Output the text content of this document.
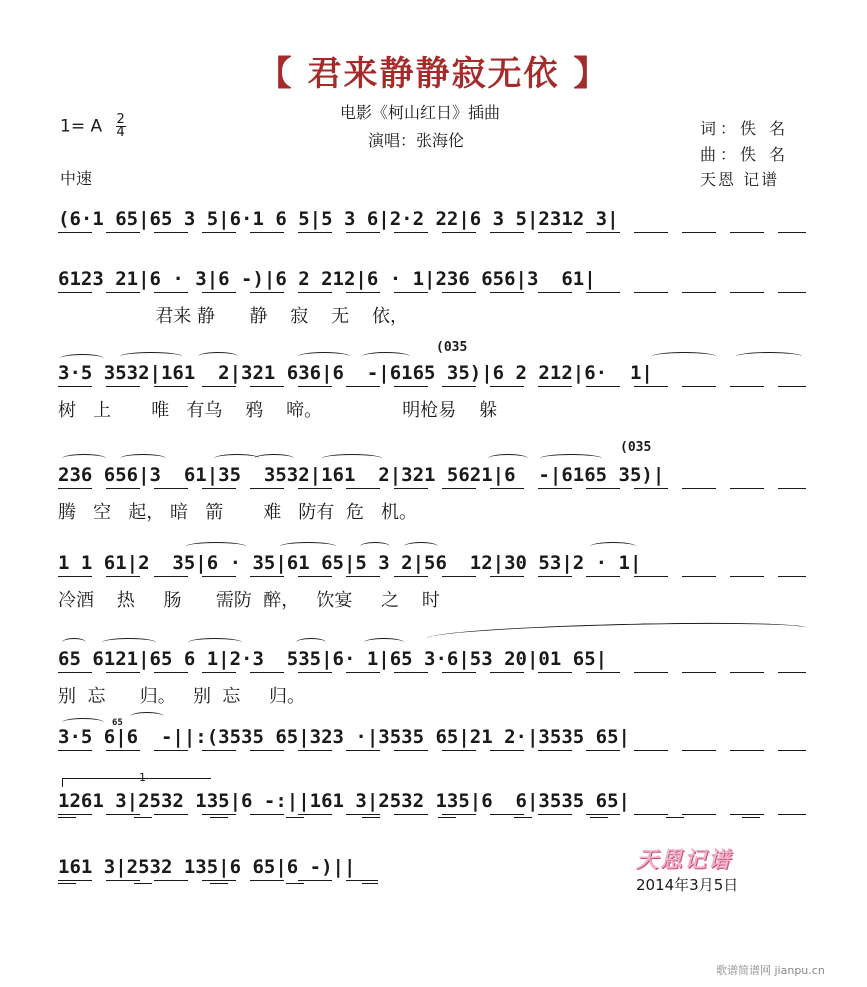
【 君来静静寂无依 】
1= A $\frac{2}{4}$
电影《柯山红日》插曲
演唱：张海伦
中速
词：佚 名
曲：佚 名
天恩 记谱
(6·1 65|65 3 5|6·1 6 5|5 3 6|2·2 22|6 3 5|2312 3|
6123 21|6 · 3|6 -)|6 2 212|6 · 1|236 656|3  61|
君来 静      静    寂    无    依，
(035
3·5 3532|161  2|321 636|6  -|6165 35)|6 2 212|6·  1|
树   上       唯   有乌    鸦    啼。              明枪易    躲
(035
236 656|3  61|35  3532|161  2|321 5621|6  -|6165 35)|
腾   空   起， 暗   箭       难   防有  危   机。
1 1 61|2  35|6 · 35|61 65|5 3 2|56  12|30 53|2 · 1|
冷酒    热     肠      需防  醉，   饮宴     之    时
65 6121|65 6 1|2·3  535|6· 1|65 3·6|53 20|01 65|
别  忘      归。   别  忘     归。
65
3·5 6|6  -||:(3535 65|323 ·|3535 65|21 2·|3535 65|
1
1261 3|2532 135|6 -:||161 3|2532 135|6  6|3535 65|
161 3|2532 135|6 65|6 -)||	天恩记谱
2014年3月5日
歌谱简谱网 jianpu.cn
